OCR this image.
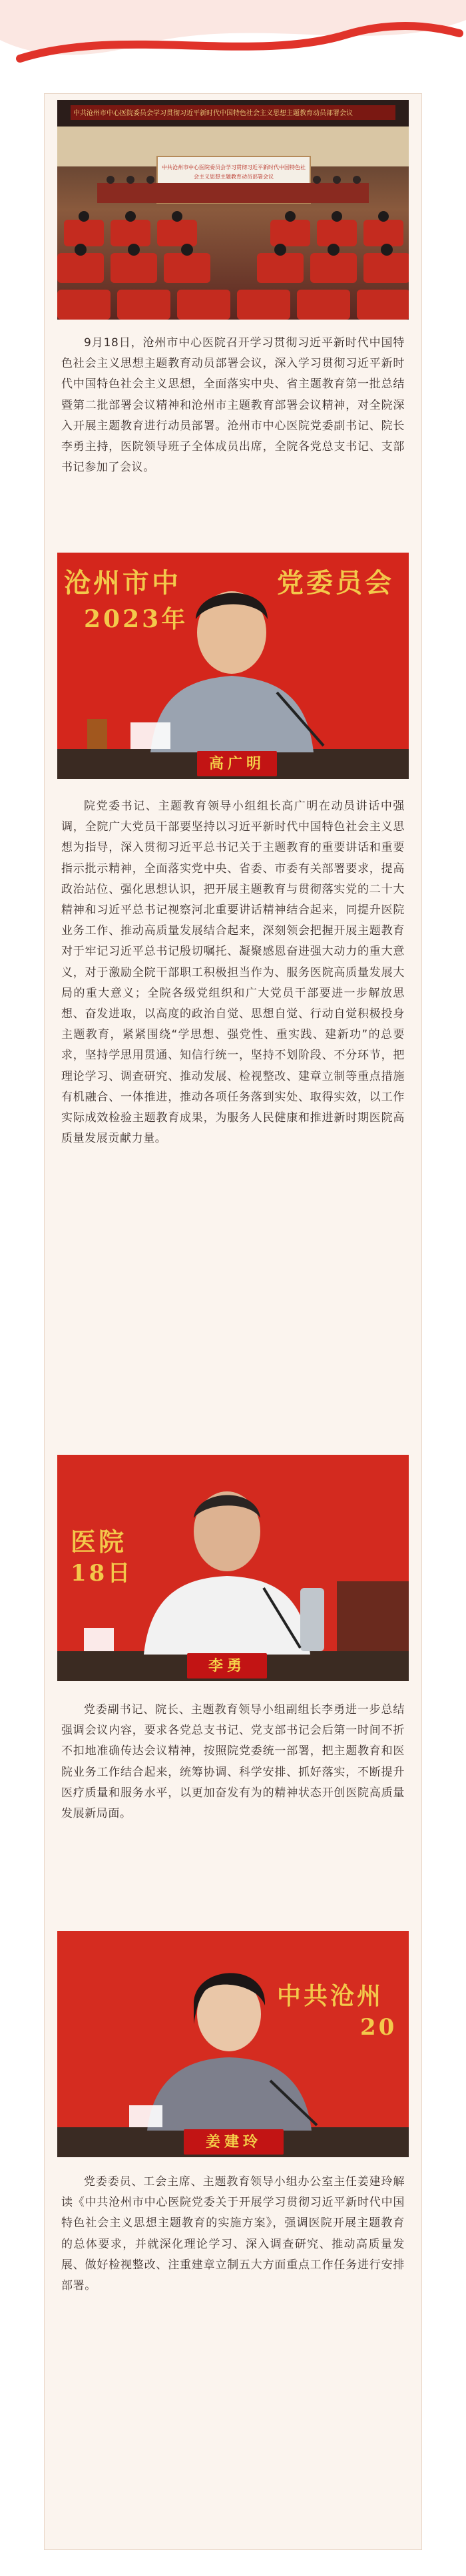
中共沧州市中心医院委员会学习贯彻习近平新时代中国特色社会主义思想主题教育动员部署会议
中共沧州市中心医院委员会学习贯彻习近平新时代中国特色社会主义思想主题教育动员部署会议

9月18日，沧州市中心医院召开学习贯彻习近平新时代中国特色社会主义思想主题教育动员部署会议，深入学习贯彻习近平新时代中国特色社会主义思想，全面落实中央、省主题教育第一批总结暨第二批部署会议精神和沧州市主题教育部署会议精神，对全院深入开展主题教育进行动员部署。沧州市中心医院党委副书记、院长李勇主持，医院领导班子全体成员出席，全院各党总支书记、支部书记参加了会议。

沧州市中	党委员会
2023年
高广明

院党委书记、主题教育领导小组组长高广明在动员讲话中强调，全院广大党员干部要坚持以习近平新时代中国特色社会主义思想为指导，深入贯彻习近平总书记关于主题教育的重要讲话和重要指示批示精神，全面落实党中央、省委、市委有关部署要求，提高政治站位、强化思想认识，把开展主题教育与贯彻落实党的二十大精神和习近平总书记视察河北重要讲话精神结合起来，同提升医院业务工作、推动高质量发展结合起来，深刻领会把握开展主题教育对于牢记习近平总书记殷切嘱托、凝聚感恩奋进强大动力的重大意义，对于激励全院干部职工积极担当作为、服务医院高质量发展大局的重大意义；全院各级党组织和广大党员干部要进一步解放思想、奋发进取，以高度的政治自觉、思想自觉、行动自觉积极投身主题教育，紧紧围绕“学思想、强党性、重实践、建新功”的总要求，坚持学思用贯通、知信行统一，坚持不划阶段、不分环节，把理论学习、调查研究、推动发展、检视整改、建章立制等重点措施有机融合、一体推进，推动各项任务落到实处、取得实效，以工作实际成效检验主题教育成果，为服务人民健康和推进新时期医院高质量发展贡献力量。

医院
18日
李勇

党委副书记、院长、主题教育领导小组副组长李勇进一步总结强调会议内容，要求各党总支书记、党支部书记会后第一时间不折不扣地准确传达会议精神，按照院党委统一部署，把主题教育和医院业务工作结合起来，统筹协调、科学安排、抓好落实，不断提升医疗质量和服务水平，以更加奋发有为的精神状态开创医院高质量发展新局面。

中共沧州
20
姜建玲

党委委员、工会主席、主题教育领导小组办公室主任姜建玲解读《中共沧州市中心医院党委关于开展学习贯彻习近平新时代中国特色社会主义思想主题教育的实施方案》，强调医院开展主题教育的总体要求，并就深化理论学习、深入调查研究、推动高质量发展、做好检视整改、注重建章立制五大方面重点工作任务进行安排部署。
